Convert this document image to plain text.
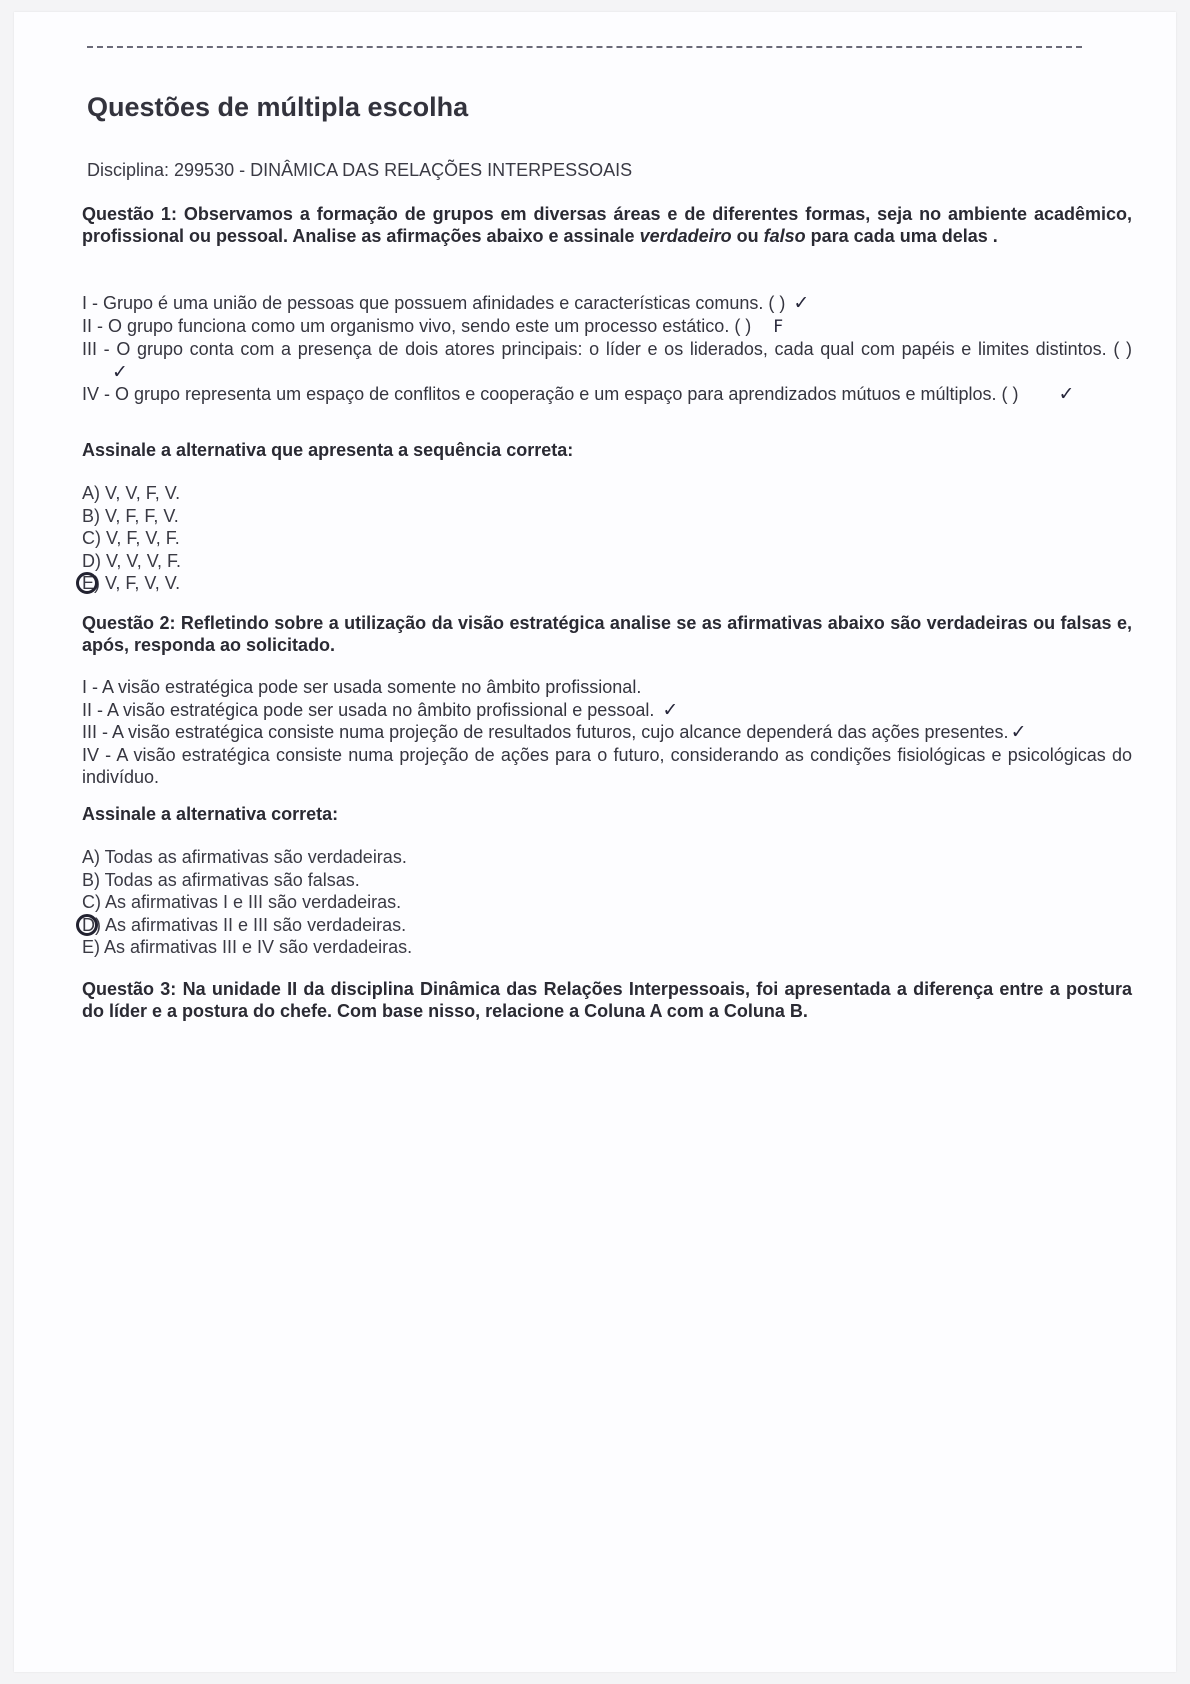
Questões de múltipla escolha
Disciplina: 299530 - DINÂMICA DAS RELAÇÕES INTERPESSOAIS

Questão 1: Observamos a formação de grupos em diversas áreas e de diferentes formas, seja no ambiente acadêmico, profissional ou pessoal. Analise as afirmações abaixo e assinale verdadeiro ou falso para cada uma delas .

I - Grupo é uma união de pessoas que possuem afinidades e características comuns. ( ) ✓
II - O grupo funciona como um organismo vivo, sendo este um processo estático. ( ) F
III - O grupo conta com a presença de dois atores principais: o líder e os liderados, cada qual com papéis e limites distintos. ( )✓
IV - O grupo representa um espaço de conflitos e cooperação e um espaço para aprendizados mútuos e múltiplos. ( ) ✓

Assinale a alternativa que apresenta a sequência correta:

A) V, V, F, V.
B) V, F, F, V.
C) V, F, V, F.
D) V, V, V, F.
E) V, F, V, V.

Questão 2: Refletindo sobre a utilização da visão estratégica analise se as afirmativas abaixo são verdadeiras ou falsas e, após, responda ao solicitado.

I - A visão estratégica pode ser usada somente no âmbito profissional.
II - A visão estratégica pode ser usada no âmbito profissional e pessoal. ✓
III - A visão estratégica consiste numa projeção de resultados futuros, cujo alcance dependerá das ações presentes. ✓
IV - A visão estratégica consiste numa projeção de ações para o futuro, considerando as condições fisiológicas e psicológicas do indivíduo.

Assinale a alternativa correta:

A) Todas as afirmativas são verdadeiras.
B) Todas as afirmativas são falsas.
C) As afirmativas I e III são verdadeiras.
D) As afirmativas II e III são verdadeiras.
E) As afirmativas III e IV são verdadeiras.

Questão 3: Na unidade II da disciplina Dinâmica das Relações Interpessoais, foi apresentada a diferença entre a postura do líder e a postura do chefe. Com base nisso, relacione a Coluna A com a Coluna B.
